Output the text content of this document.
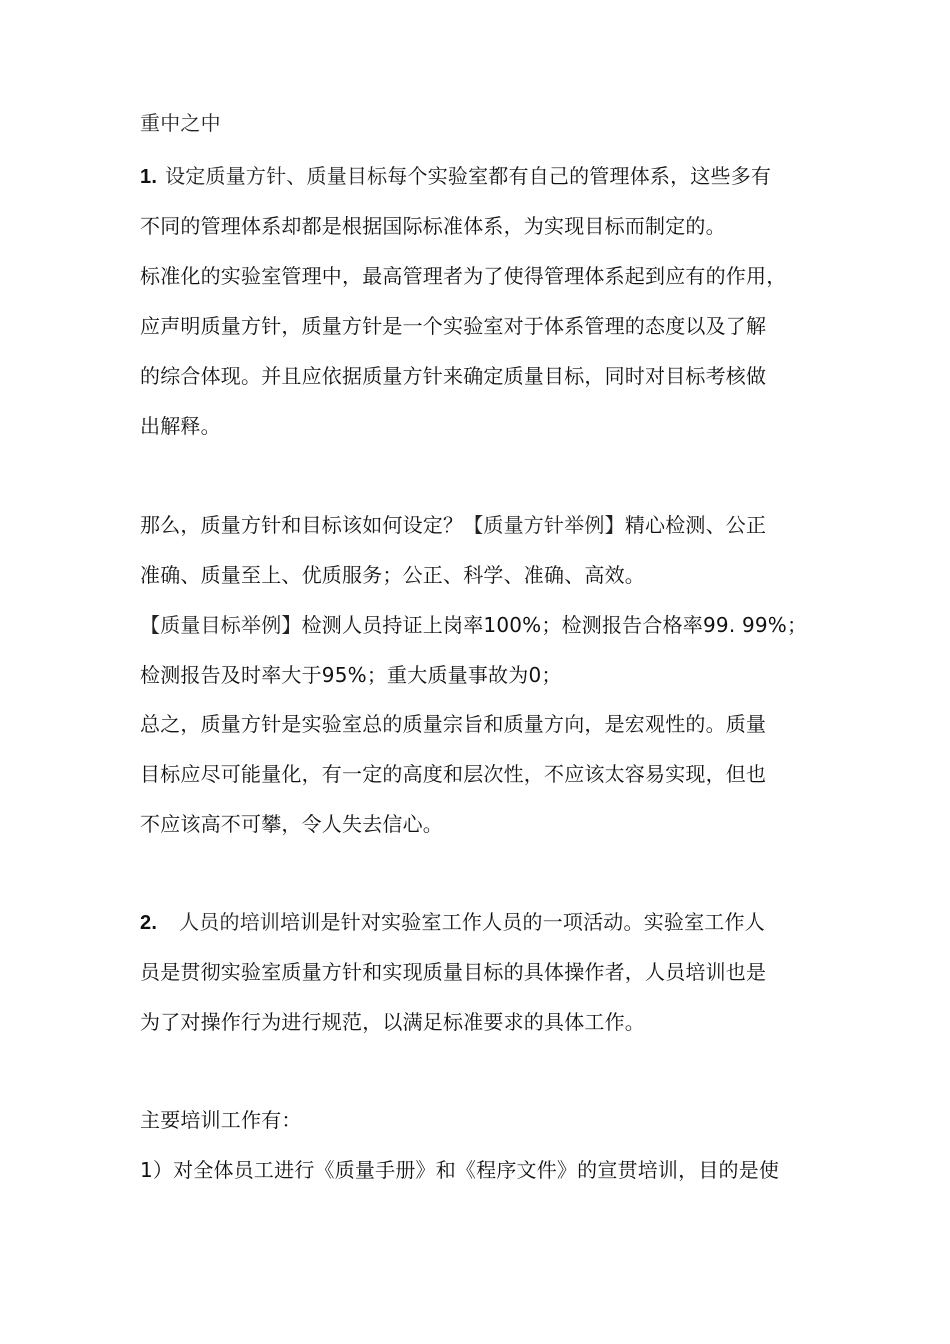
重中之中
1. 设定质量方针、质量目标每个实验室都有自己的管理体系，这些多有
不同的管理体系却都是根据国际标准体系，为实现目标而制定的。
标准化的实验室管理中，最高管理者为了使得管理体系起到应有的作用，
应声明质量方针，质量方针是一个实验室对于体系管理的态度以及了解
的综合体现。并且应依据质量方针来确定质量目标，同时对目标考核做
出解释。
那么，质量方针和目标该如何设定？【质量方针举例】精心检测、公正
准确、质量至上、优质服务；公正、科学、准确、高效。
【质量目标举例】检测人员持证上岗率100%；检测报告合格率99. 99%；
检测报告及时率大于95%；重大质量事故为0；
总之，质量方针是实验室总的质量宗旨和质量方向，是宏观性的。质量
目标应尽可能量化，有一定的高度和层次性，不应该太容易实现，但也
不应该高不可攀，令人失去信心。
2. 人员的培训培训是针对实验室工作人员的一项活动。实验室工作人
员是贯彻实验室质量方针和实现质量目标的具体操作者，人员培训也是
为了对操作行为进行规范，以满足标准要求的具体工作。
主要培训工作有：
1）对全体员工进行《质量手册》和《程序文件》的宣贯培训，目的是使
